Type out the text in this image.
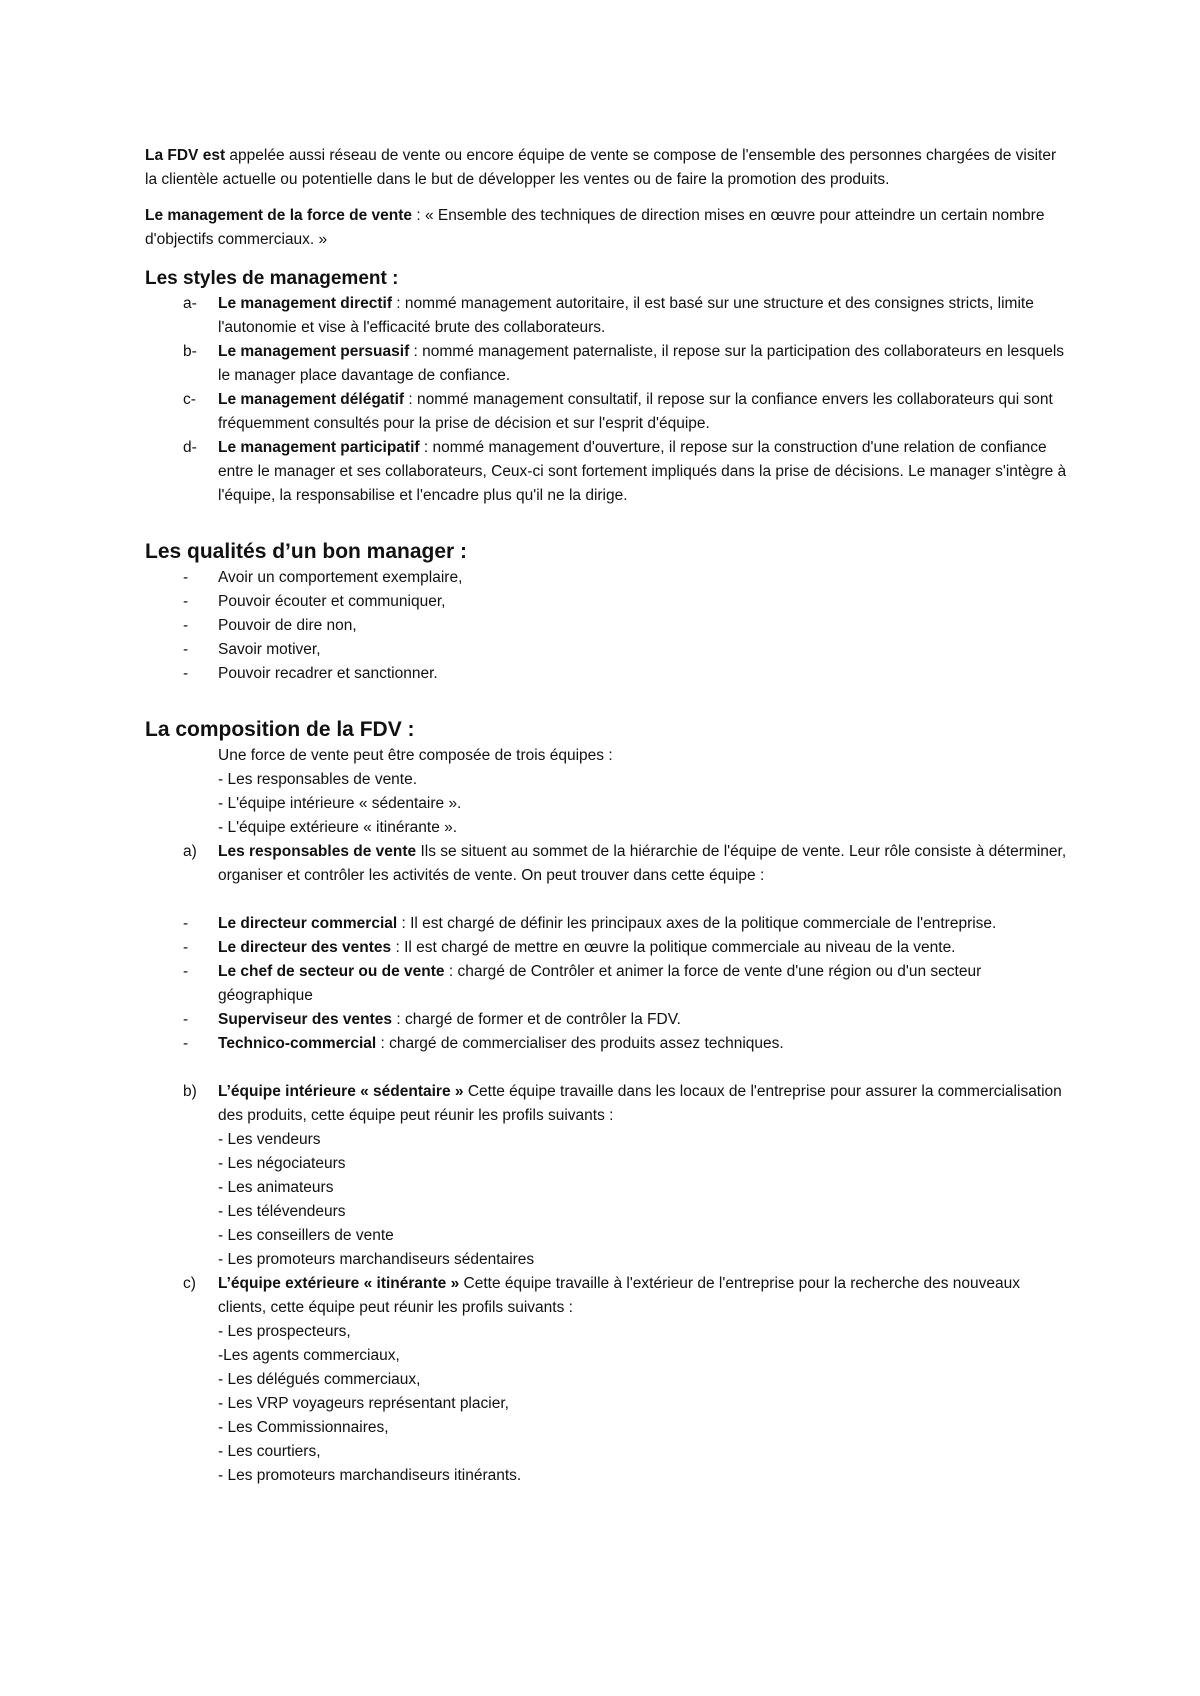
La FDV est appelée aussi réseau de vente ou encore équipe de vente se compose de l'ensemble des personnes chargées de visiter la clientèle actuelle ou potentielle dans le but de développer les ventes ou de faire la promotion des produits.

Le management de la force de vente : « Ensemble des techniques de direction mises en œuvre pour atteindre un certain nombre d'objectifs commerciaux. »

Les styles de management :
a-	Le management directif : nommé management autoritaire, il est basé sur une structure et des consignes stricts, limite l'autonomie et vise à l'efficacité brute des collaborateurs.
b-	Le management persuasif : nommé management paternaliste, il repose sur la participation des collaborateurs en lesquels le manager place davantage de confiance.
c-	Le management délégatif : nommé management consultatif, il repose sur la confiance envers les collaborateurs qui sont fréquemment consultés pour la prise de décision et sur l'esprit d'équipe.
d-	Le management participatif : nommé management d'ouverture, il repose sur la construction d'une relation de confiance entre le manager et ses collaborateurs, Ceux-ci sont fortement impliqués dans la prise de décisions. Le manager s'intègre à l'équipe, la responsabilise et l'encadre plus qu'il ne la dirige.
Les qualités d’un bon manager :
-	Avoir un comportement exemplaire,
-	Pouvoir écouter et communiquer,
-	Pouvoir de dire non,
-	Savoir motiver,
-	Pouvoir recadrer et sanctionner.
La composition de la FDV :

Une force de vente peut être composée de trois équipes :

- Les responsables de vente.

- L'équipe intérieure « sédentaire ».

- L'équipe extérieure « itinérante ».

a)	Les responsables de vente Ils se situent au sommet de la hiérarchie de l'équipe de vente. Leur rôle consiste à déterminer, organiser et contrôler les activités de vente. On peut trouver dans cette équipe :
-	Le directeur commercial : Il est chargé de définir les principaux axes de la politique commerciale de l'entreprise.
-	Le directeur des ventes : Il est chargé de mettre en œuvre la politique commerciale au niveau de la vente.
-	Le chef de secteur ou de vente : chargé de Contrôler et animer la force de vente d'une région ou d'un secteur géographique
-	Superviseur des ventes : chargé de former et de contrôler la FDV.
-	Technico-commercial : chargé de commercialiser des produits assez techniques.
b)	L’équipe intérieure « sédentaire » Cette équipe travaille dans les locaux de l'entreprise pour assurer la commercialisation des produits, cette équipe peut réunir les profils suivants :

- Les vendeurs

- Les négociateurs

- Les animateurs

- Les télévendeurs

- Les conseillers de vente

- Les promoteurs marchandiseurs sédentaires

c)	L’équipe extérieure « itinérante » Cette équipe travaille à l'extérieur de l'entreprise pour la recherche des nouveaux clients, cette équipe peut réunir les profils suivants :

- Les prospecteurs,

-Les agents commerciaux,

- Les délégués commerciaux,

- Les VRP voyageurs représentant placier,

- Les Commissionnaires,

- Les courtiers,

- Les promoteurs marchandiseurs itinérants.
